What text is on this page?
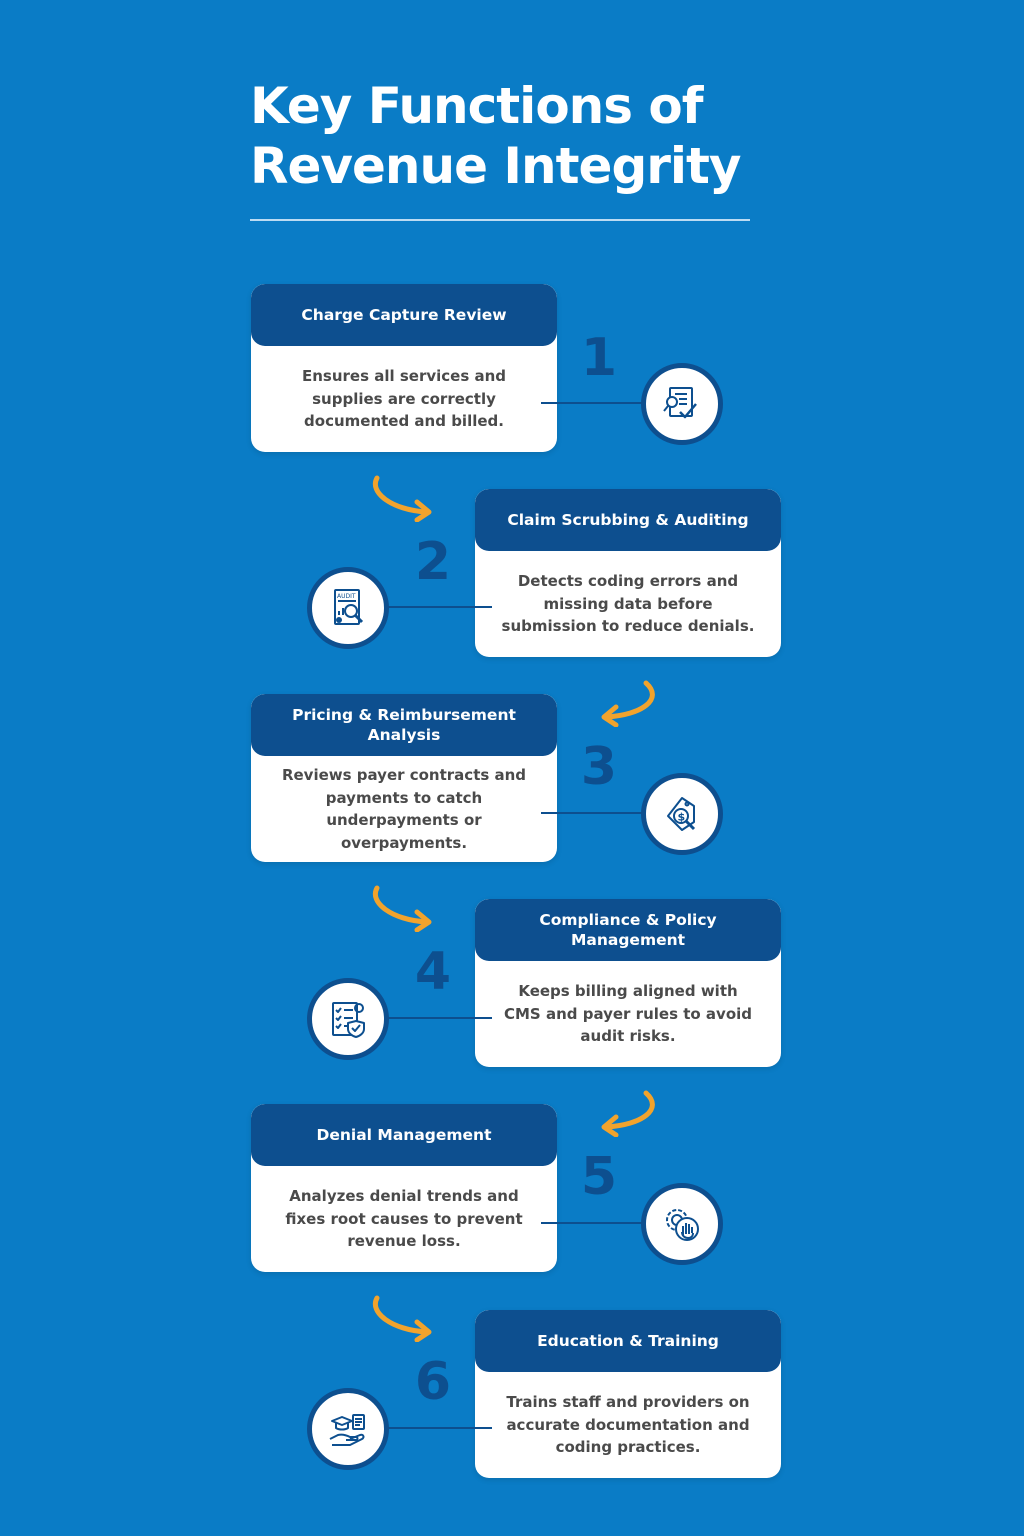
Key Functions of
Revenue Integrity
Charge Capture Review
Ensures all services and supplies are correctly documented and billed.
1
Claim Scrubbing & Auditing
Detects coding errors and missing data before submission to reduce denials.
2
AUDIT
Pricing & Reimbursement Analysis
Reviews payer contracts and payments to catch underpayments or overpayments.
3
$
Compliance & Policy Management
Keeps billing aligned with CMS and payer rules to avoid audit risks.
4
Denial Management
Analyzes denial trends and fixes root causes to prevent revenue loss.
5
Education & Training
Trains staff and providers on accurate documentation and coding practices.
6
